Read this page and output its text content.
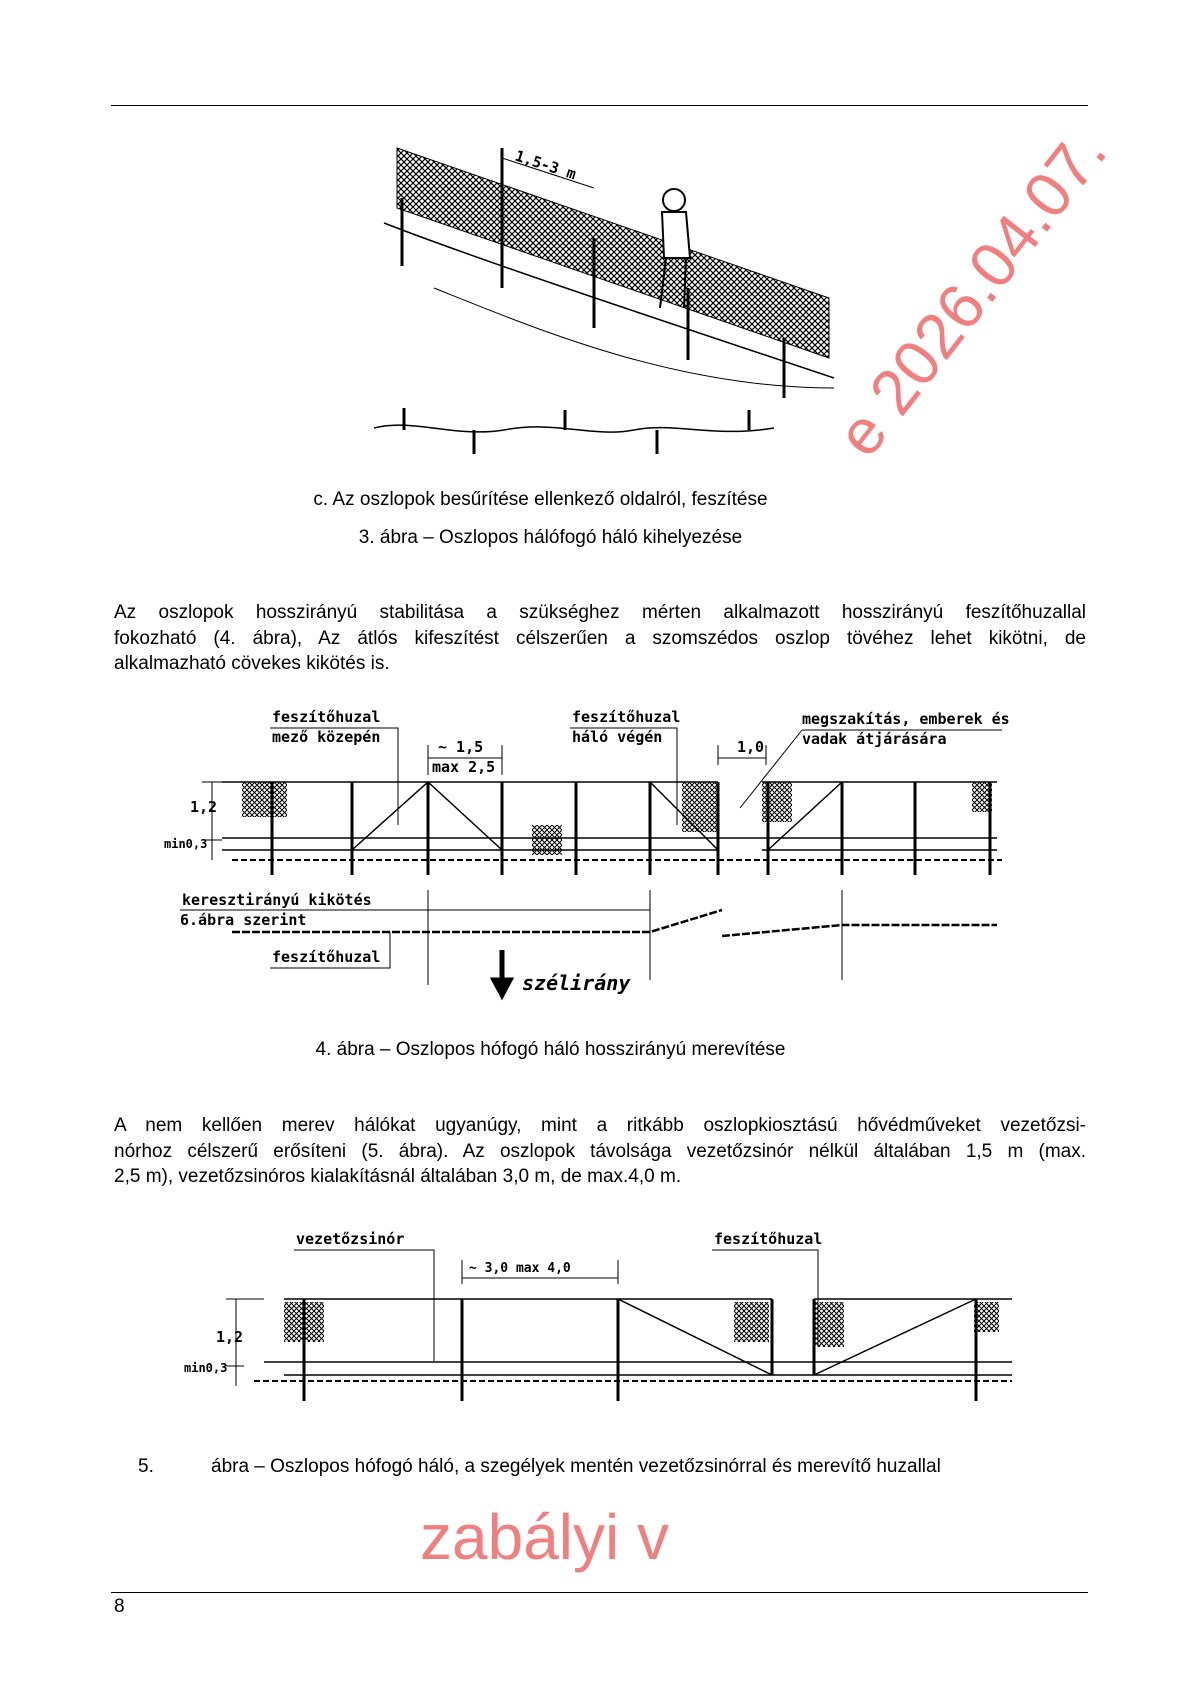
e 2026.04.07.
zabályi v
1,5-3 m
c. Az oszlopok besűrítése ellenkező oldalról, feszítése
3. ábra – Oszlopos hálófogó háló kihelyezése
Az oszlopok hosszirányú stabilitása a szükséghez mérten alkalmazott hosszirányú feszítőhuzallal
fokozható (4. ábra), Az átlós kifeszítést célszerűen a szomszédos oszlop tövéhez lehet kikötni, de
alkalmazható cövekes kikötés is.
feszítőhuzal
mező közepén
~ 1,5
max 2,5
feszítőhuzal
háló végén
1,0
megszakítás, emberek és
vadak átjárására
1,2
min0,3
keresztirányú kikötés
6.ábra szerint
feszítőhuzal
szélirány
4. ábra – Oszlopos hófogó háló hosszirányú merevítése
A nem kellően merev hálókat ugyanúgy, mint a ritkább oszlopkiosztású hővédműveket vezetőzsi-
nórhoz célszerű erősíteni (5. ábra). Az oszlopok távolsága vezetőzsinór nélkül általában 1,5 m (max.
2,5 m), vezetőzsinóros kialakításnál általában 3,0 m, de max.4,0 m.
vezetőzsinór
~ 3,0 max 4,0
feszítőhuzal
1,2
min0,3
5.	ábra – Oszlopos hófogó háló, a szegélyek mentén vezetőzsinórral és merevítő huzallal
8
